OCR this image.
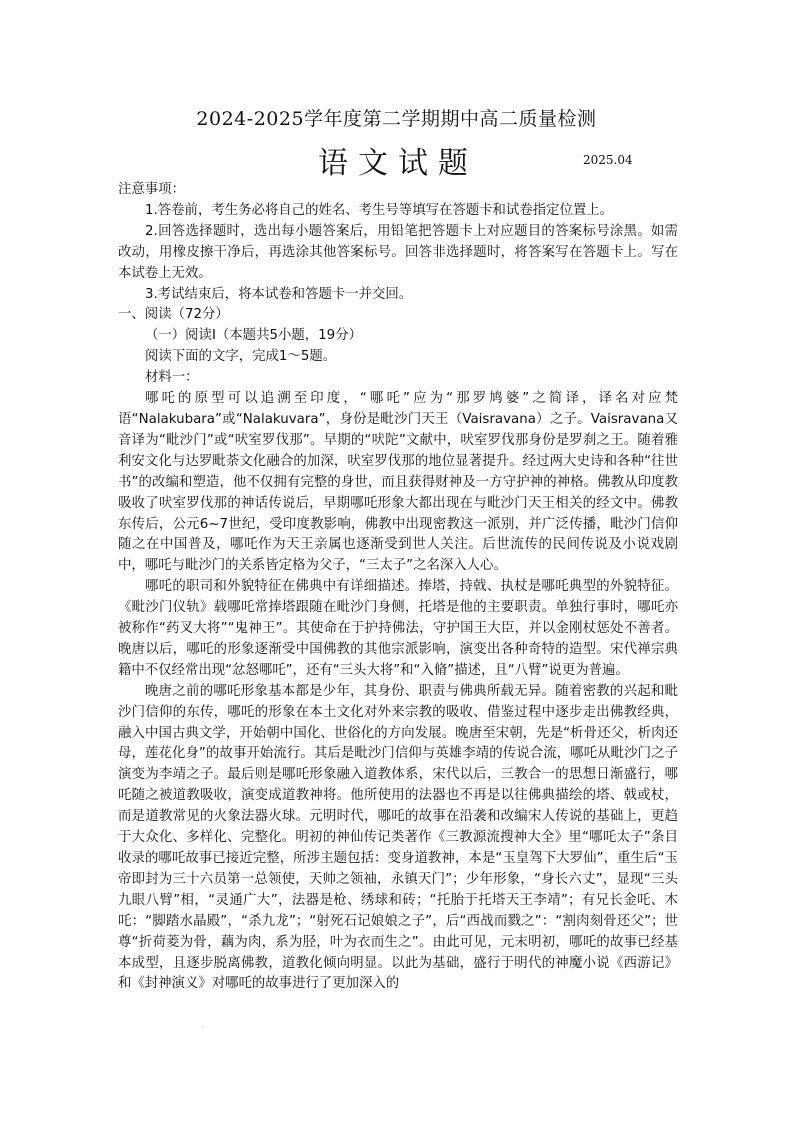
2024-2025学年度第二学期期中高二质量检测
语文试题	2025.04

注意事项：

1.答卷前，考生务必将自己的姓名、考生号等填写在答题卡和试卷指定位置上。

2.回答选择题时，选出每小题答案后，用铅笔把答题卡上对应题目的答案标号涂黑。如需改动，用橡皮擦干净后，再选涂其他答案标号。回答非选择题时，将答案写在答题卡上。写在本试卷上无效。

3.考试结束后，将本试卷和答题卡一并交回。

一、阅读（72分）

（一）阅读Ⅰ（本题共5小题，19分）

阅读下面的文字，完成1～5题。

材料一：

哪吒的原型可以追溯至印度，“哪吒”应为“那罗鸠婆”之简译，译名对应梵语“Nalakubara”或“Nalakuvara”，身份是毗沙门天王（Vaisravana）之子。Vaisravana又音译为“毗沙门”或“吠室罗伐那”。早期的“吠陀”文献中，吠室罗伐那身份是罗刹之王。随着雅利安文化与达罗毗荼文化融合的加深，吠室罗伐那的地位显著提升。经过两大史诗和各种“往世书”的改编和塑造，他不仅拥有完整的身世，而且获得财神及一方守护神的神格。佛教从印度教吸收了吠室罗伐那的神话传说后，早期哪吒形象大都出现在与毗沙门天王相关的经文中。佛教东传后，公元6~7世纪，受印度教影响，佛教中出现密教这一派别，并广泛传播，毗沙门信仰随之在中国普及，哪吒作为天王亲属也逐渐受到世人关注。后世流传的民间传说及小说戏剧中，哪吒与毗沙门的关系皆定格为父子，“三太子”之名深入人心。

哪吒的职司和外貌特征在佛典中有详细描述。捧塔，持戟、执杖是哪吒典型的外貌特征。《毗沙门仪轨》载哪吒常捧塔跟随在毗沙门身侧，托塔是他的主要职责。单独行事时，哪吒亦被称作“药叉大将”“鬼神王”。其使命在于护持佛法，守护国王大臣，并以金刚杖惩处不善者。晚唐以后，哪吒的形象逐渐受中国佛教的其他宗派影响，演变出各种奇特的造型。宋代禅宗典籍中不仅经常出现“忿怒哪吒”，还有“三头大将”和“入脩”描述，且“八臂”说更为普遍。

晚唐之前的哪吒形象基本都是少年，其身份、职责与佛典所载无异。随着密教的兴起和毗沙门信仰的东传，哪吒的形象在本土文化对外来宗教的吸收、借鉴过程中逐步走出佛教经典，融入中国古典文学，开始朝中国化、世俗化的方向发展。晚唐至宋朝，先是“析骨还父，析肉还母，莲花化身”的故事开始流行。其后是毗沙门信仰与英雄李靖的传说合流，哪吒从毗沙门之子演变为李靖之子。最后则是哪吒形象融入道教体系，宋代以后，三教合一的思想日渐盛行，哪吒随之被道教吸收，演变成道教神将。他所使用的法器也不再是以往佛典描绘的塔、戟或杖，而是道教常见的火象法器火球。元明时代，哪吒的故事在沿袭和改编宋人传说的基础上，更趋于大众化、多样化、完整化。明初的神仙传记类著作《三教源流搜神大全》里“哪吒太子”条目收录的哪吒故事已接近完整，所涉主题包括：变身道教神，本是“玉皇驾下大罗仙”，重生后“玉帝即封为三十六员第一总领使，天帅之领袖，永镇天门”；少年形象，“身长六丈”，显现“三头九眼八臂”相，“灵通广大”，法器是枪、绣球和砖；“托胎于托塔天王李靖”；有兄长金吒、木吒：“脚踏水晶殿”，“杀九龙”；“射死石记娘娘之子”，后“西战而戮之”：“割肉刻骨还父”；世尊“折荷菱为骨，藕为肉，系为胫，叶为衣而生之”。由此可见，元末明初，哪吒的故事已经基本成型，且逐步脱离佛教，道教化倾向明显。以此为基础，盛行于明代的神魔小说《西游记》和《封神演义》对哪吒的故事进行了更加深入的
